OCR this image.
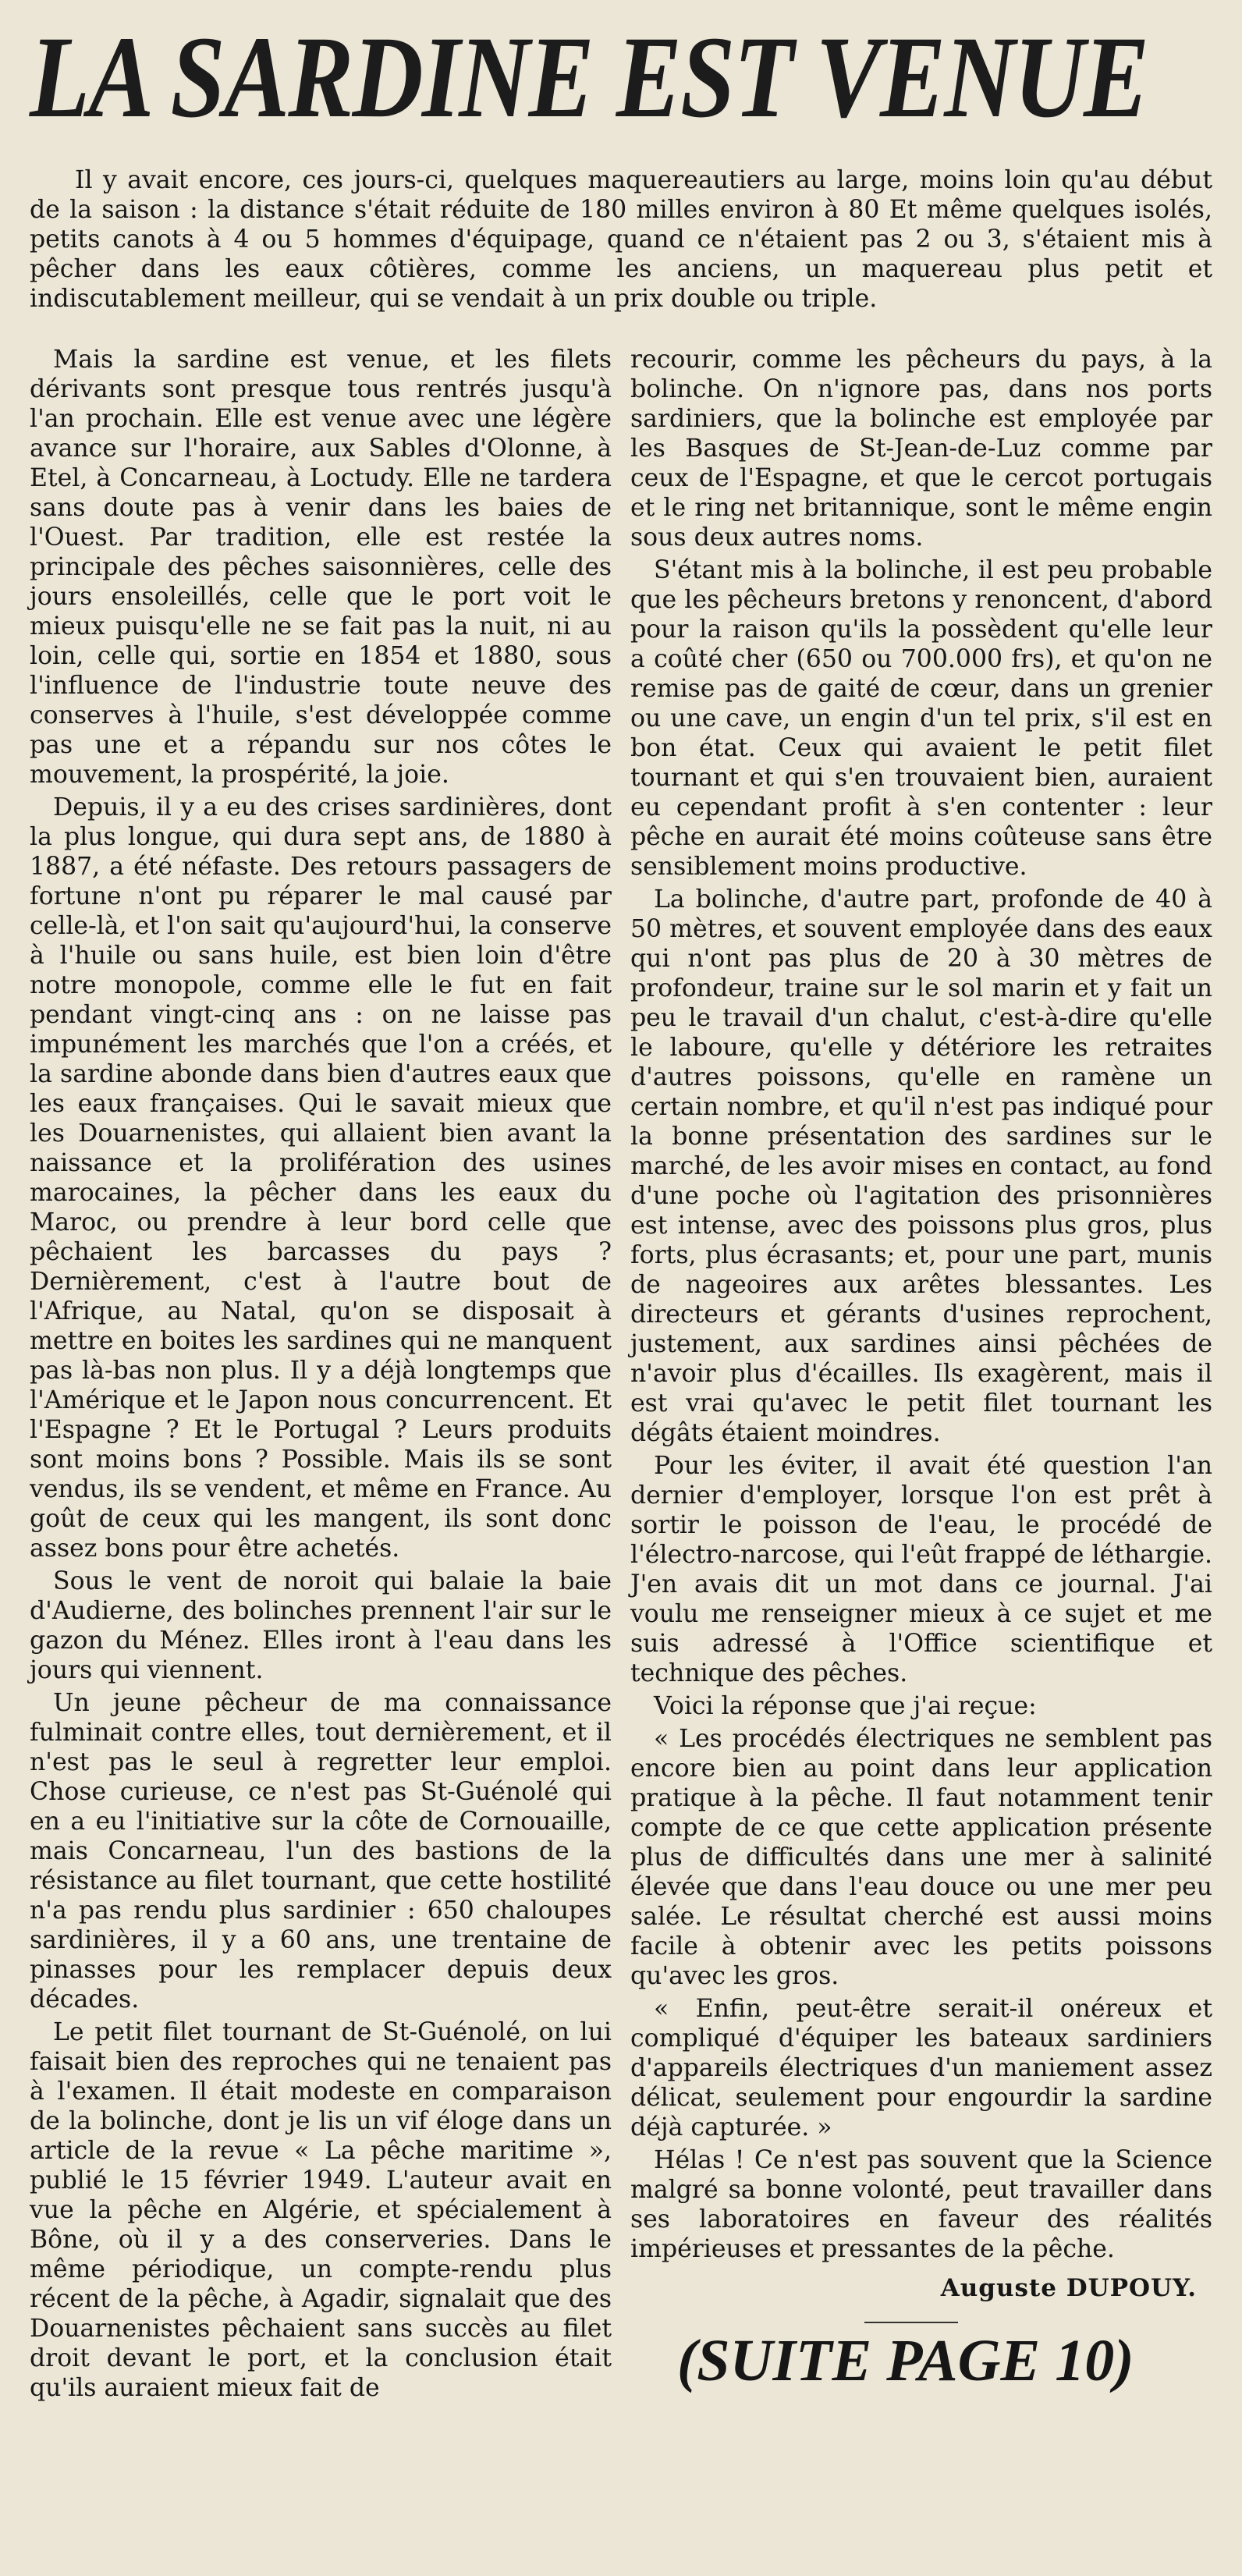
LA SARDINE EST VENUE

Il y avait encore, ces jours-ci, quelques maquereautiers au large, moins loin qu'au début de la saison : la distance s'était réduite de 180 milles environ à 80 Et même quelques isolés, petits canots à 4 ou 5 hommes d'équipage, quand ce n'étaient pas 2 ou 3, s'étaient mis à pêcher dans les eaux côtières, comme les anciens, un maquereau plus petit et indiscutablement meilleur, qui se vendait à un prix double ou triple.

Mais la sardine est venue, et les filets dérivants sont presque tous rentrés jusqu'à l'an prochain. Elle est venue avec une légère avance sur l'horaire, aux Sables d'Olonne, à Etel, à Concarneau, à Loctudy. Elle ne tardera sans doute pas à venir dans les baies de l'Ouest. Par tradition, elle est restée la principale des pêches saisonnières, celle des jours ensoleillés, celle que le port voit le mieux puisqu'elle ne se fait pas la nuit, ni au loin, celle qui, sortie en 1854 et 1880, sous l'influence de l'industrie toute neuve des conserves à l'huile, s'est développée comme pas une et a répandu sur nos côtes le mouvement, la prospérité, la joie.

Depuis, il y a eu des crises sardinières, dont la plus longue, qui dura sept ans, de 1880 à 1887, a été néfaste. Des retours passagers de fortune n'ont pu réparer le mal causé par celle-là, et l'on sait qu'aujourd'hui, la conserve à l'huile ou sans huile, est bien loin d'être notre monopole, comme elle le fut en fait pendant vingt-cinq ans : on ne laisse pas impunément les marchés que l'on a créés, et la sardine abonde dans bien d'autres eaux que les eaux françaises. Qui le savait mieux que les Douarnenistes, qui allaient bien avant la naissance et la prolifération des usines marocaines, la pêcher dans les eaux du Maroc, ou prendre à leur bord celle que pêchaient les barcasses du pays ? Dernièrement, c'est à l'autre bout de l'Afrique, au Natal, qu'on se disposait à mettre en boites les sardines qui ne manquent pas là-bas non plus. Il y a déjà longtemps que l'Amérique et le Japon nous concurrencent. Et l'Espagne ? Et le Portugal ? Leurs produits sont moins bons ? Possible. Mais ils se sont vendus, ils se vendent, et même en France. Au goût de ceux qui les mangent, ils sont donc assez bons pour être achetés.

Sous le vent de noroit qui balaie la baie d'Audierne, des bolinches prennent l'air sur le gazon du Ménez. Elles iront à l'eau dans les jours qui viennent.

Un jeune pêcheur de ma connaissance fulminait contre elles, tout dernièrement, et il n'est pas le seul à regretter leur emploi. Chose curieuse, ce n'est pas St-Guénolé qui en a eu l'initiative sur la côte de Cornouaille, mais Concarneau, l'un des bastions de la résistance au filet tournant, que cette hostilité n'a pas rendu plus sardinier : 650 chaloupes sardinières, il y a 60 ans, une trentaine de pinasses pour les remplacer depuis deux décades.

Le petit filet tournant de St-Guénolé, on lui faisait bien des reproches qui ne tenaient pas à l'examen. Il était modeste en comparaison de la bolinche, dont je lis un vif éloge dans un article de la revue « La pêche maritime », publié le 15 février 1949. L'auteur avait en vue la pêche en Algérie, et spécialement à Bône, où il y a des conserveries. Dans le même périodique, un compte-rendu plus récent de la pêche, à Agadir, signalait que des Douarnenistes pêchaient sans succès au filet droit devant le port, et la conclusion était qu'ils auraient mieux fait de

recourir, comme les pêcheurs du pays, à la bolinche. On n'ignore pas, dans nos ports sardiniers, que la bolinche est employée par les Basques de St-Jean-de-Luz comme par ceux de l'Espagne, et que le cercot portugais et le ring net britannique, sont le même engin sous deux autres noms.

S'étant mis à la bolinche, il est peu probable que les pêcheurs bretons y renoncent, d'abord pour la raison qu'ils la possèdent qu'elle leur a coûté cher (650 ou 700.000 frs), et qu'on ne remise pas de gaité de cœur, dans un grenier ou une cave, un engin d'un tel prix, s'il est en bon état. Ceux qui avaient le petit filet tournant et qui s'en trouvaient bien, auraient eu cependant profit à s'en contenter : leur pêche en aurait été moins coûteuse sans être sensiblement moins productive.

La bolinche, d'autre part, profonde de 40 à 50 mètres, et souvent employée dans des eaux qui n'ont pas plus de 20 à 30 mètres de profondeur, traine sur le sol marin et y fait un peu le travail d'un chalut, c'est-à-dire qu'elle le laboure, qu'elle y détériore les retraites d'autres poissons, qu'elle en ramène un certain nombre, et qu'il n'est pas indiqué pour la bonne présentation des sardines sur le marché, de les avoir mises en contact, au fond d'une poche où l'agitation des prisonnières est intense, avec des poissons plus gros, plus forts, plus écrasants; et, pour une part, munis de nageoires aux arêtes blessantes. Les directeurs et gérants d'usines reprochent, justement, aux sardines ainsi pêchées de n'avoir plus d'écailles. Ils exagèrent, mais il est vrai qu'avec le petit filet tournant les dégâts étaient moindres.

Pour les éviter, il avait été question l'an dernier d'employer, lorsque l'on est prêt à sortir le poisson de l'eau, le procédé de l'électro-narcose, qui l'eût frappé de léthargie. J'en avais dit un mot dans ce journal. J'ai voulu me renseigner mieux à ce sujet et me suis adressé à l'Office scientifique et technique des pêches.

Voici la réponse que j'ai reçue:

« Les procédés électriques ne semblent pas encore bien au point dans leur application pratique à la pêche. Il faut notamment tenir compte de ce que cette application présente plus de difficultés dans une mer à salinité élevée que dans l'eau douce ou une mer peu salée. Le résultat cherché est aussi moins facile à obtenir avec les petits poissons qu'avec les gros.

« Enfin, peut-être serait-il onéreux et compliqué d'équiper les bateaux sardiniers d'appareils électriques d'un maniement assez délicat, seulement pour engourdir la sardine déjà capturée. »

Hélas ! Ce n'est pas souvent que la Science malgré sa bonne volonté, peut travailler dans ses laboratoires en faveur des réalités impérieuses et pressantes de la pêche.

Auguste DUPOUY.
(SUITE PAGE 10)
